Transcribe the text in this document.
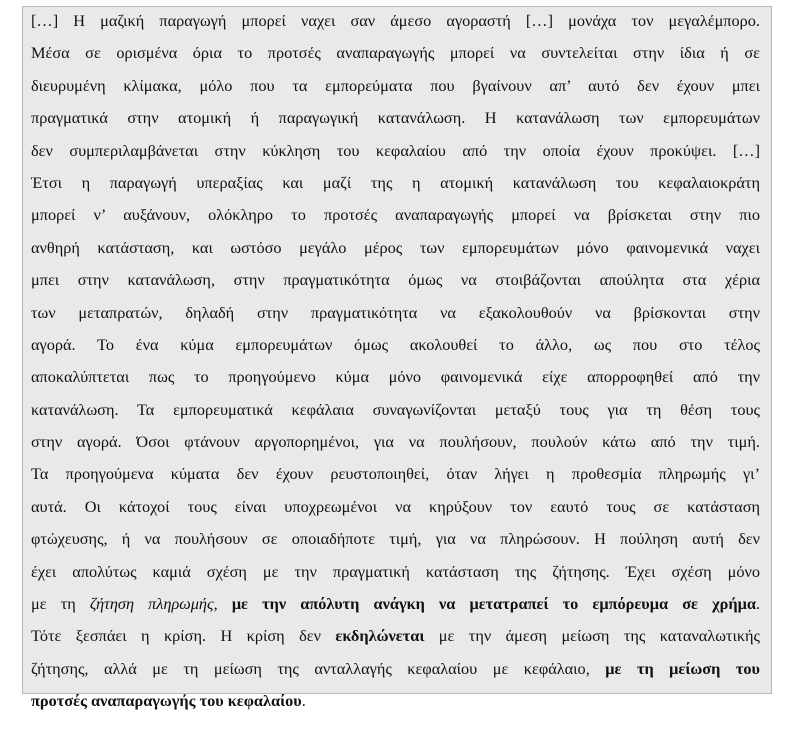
[…] Η μαζική παραγωγή μπορεί ναχει σαν άμεσο αγοραστή […] μονάχα τον μεγαλέμπορο.
Μέσα σε ορισμένα όρια το προτσές αναπαραγωγής μπορεί να συντελείται στην ίδια ή σε
διευρυμένη κλίμακα, μόλο που τα εμπορεύματα που βγαίνουν απ’ αυτό δεν έχουν μπει
πραγματικά στην ατομική ή παραγωγική κατανάλωση. Η κατανάλωση των εμπορευμάτων
δεν συμπεριλαμβάνεται στην κύκληση του κεφαλαίου από την οποία έχουν προκύψει. […]
Έτσι η παραγωγή υπεραξίας και μαζί της η ατομική κατανάλωση του κεφαλαιοκράτη
μπορεί ν’ αυξάνουν, ολόκληρο το προτσές αναπαραγωγής μπορεί να βρίσκεται στην πιο
ανθηρή κατάσταση, και ωστόσο μεγάλο μέρος των εμπορευμάτων μόνο φαινομενικά ναχει
μπει στην κατανάλωση, στην πραγματικότητα όμως να στοιβάζονται απούλητα στα χέρια
των μεταπρατών, δηλαδή στην πραγματικότητα να εξακολουθούν να βρίσκονται στην
αγορά. Το ένα κύμα εμπορευμάτων όμως ακολουθεί το άλλο, ως που στο τέλος
αποκαλύπτεται πως το προηγούμενο κύμα μόνο φαινομενικά είχε απορροφηθεί από την
κατανάλωση. Τα εμπορευματικά κεφάλαια συναγωνίζονται μεταξύ τους για τη θέση τους
στην αγορά. Όσοι φτάνουν αργοπορημένοι, για να πουλήσουν, πουλούν κάτω από την τιμή.
Τα προηγούμενα κύματα δεν έχουν ρευστοποιηθεί, όταν λήγει η προθεσμία πληρωμής γι’
αυτά. Οι κάτοχοί τους είναι υποχρεωμένοι να κηρύξουν τον εαυτό τους σε κατάσταση
φτώχευσης, ή να πουλήσουν σε οποιαδήποτε τιμή, για να πληρώσουν. Η πούληση αυτή δεν
έχει απολύτως καμιά σχέση με την πραγματική κατάσταση της ζήτησης. Έχει σχέση μόνο
με τη ζήτηση πληρωμής, με την απόλυτη ανάγκη να μετατραπεί το εμπόρευμα σε χρήμα.
Τότε ξεσπάει η κρίση. Η κρίση δεν εκδηλώνεται με την άμεση μείωση της καταναλωτικής
ζήτησης, αλλά με τη μείωση της ανταλλαγής κεφαλαίου με κεφάλαιο, με τη μείωση του
προτσές αναπαραγωγής του κεφαλαίου.
